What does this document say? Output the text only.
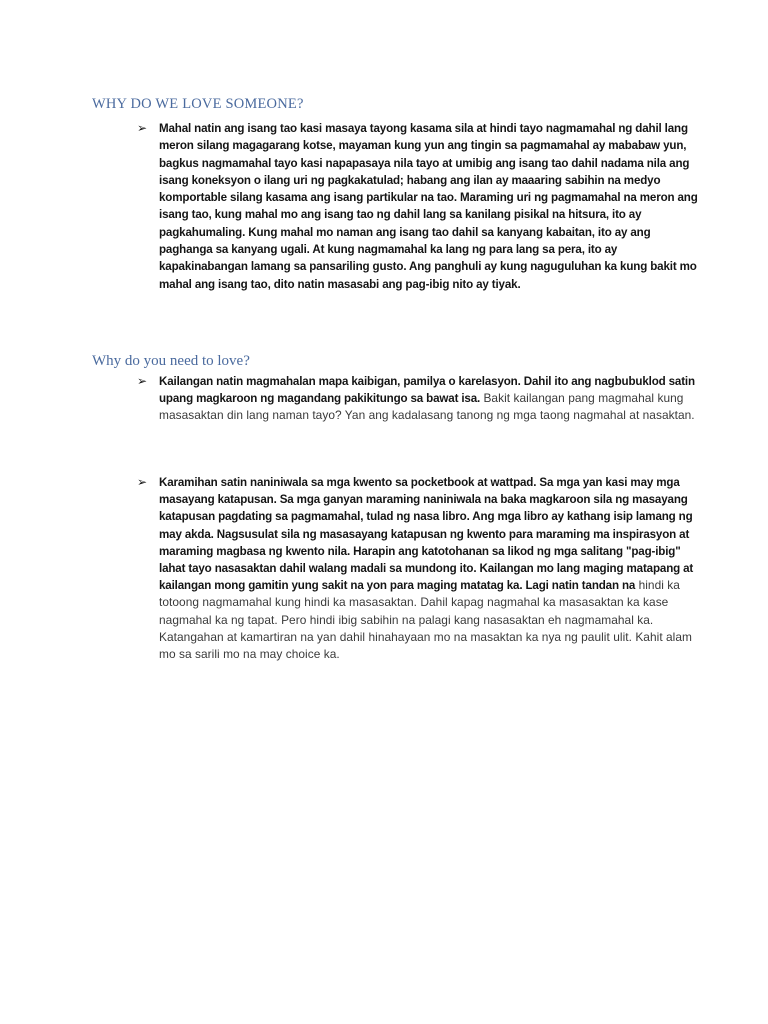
WHY DO WE LOVE SOMEONE?
➢ Mahal natin ang isang tao kasi masaya tayong kasama sila at hindi tayo nagmamahal ng dahil lang meron silang magagarang kotse, mayaman kung yun ang tingin sa pagmamahal ay mababaw yun, bagkus nagmamahal tayo kasi napapasaya nila tayo at umibig ang isang tao dahil nadama nila ang isang koneksyon o ilang uri ng pagkakatulad; habang ang ilan ay maaaring sabihin na medyo komportable silang kasama ang isang partikular na tao. Maraming uri ng pagmamahal na meron ang isang tao, kung mahal mo ang isang tao ng dahil lang sa kanilang pisikal na hitsura, ito ay pagkahumaling. Kung mahal mo naman ang isang tao dahil sa kanyang kabaitan, ito ay ang paghanga sa kanyang ugali. At kung nagmamahal ka lang ng para lang sa pera, ito ay kapakinabangan lamang sa pansariling gusto. Ang panghuli ay kung naguguluhan ka kung bakit mo mahal ang isang tao, dito natin masasabi ang pag-ibig nito ay tiyak.

Why do you need to love?
➢ Kailangan natin magmahalan mapa kaibigan, pamilya o karelasyon. Dahil ito ang nagbubuklod satin upang magkaroon ng magandang pakikitungo sa bawat isa. Bakit kailangan pang magmahal kung masasaktan din lang naman tayo? Yan ang kadalasang tanong ng mga taong nagmahal at nasaktan.

➢ Karamihan satin naniniwala sa mga kwento sa pocketbook at wattpad. Sa mga yan kasi may mga masayang katapusan. Sa mga ganyan maraming naniniwala na baka magkaroon sila ng masayang katapusan pagdating sa pagmamahal, tulad ng nasa libro. Ang mga libro ay kathang isip lamang ng may akda. Nagsusulat sila ng masasayang katapusan ng kwento para maraming ma inspirasyon at maraming magbasa ng kwento nila. Harapin ang katotohanan sa likod ng mga salitang "pag-ibig" lahat tayo nasasaktan dahil walang madali sa mundong ito. Kailangan mo lang maging matapang at kailangan mong gamitin yung sakit na yon para maging matatag ka. Lagi natin tandan na hindi ka totoong nagmamahal kung hindi ka masasaktan. Dahil kapag nagmahal ka masasaktan ka kase nagmahal ka ng tapat. Pero hindi ibig sabihin na palagi kang nasasaktan eh nagmamahal ka. Katangahan at kamartiran na yan dahil hinahayaan mo na masaktan ka nya ng paulit ulit. Kahit alam mo sa sarili mo na may choice ka.
